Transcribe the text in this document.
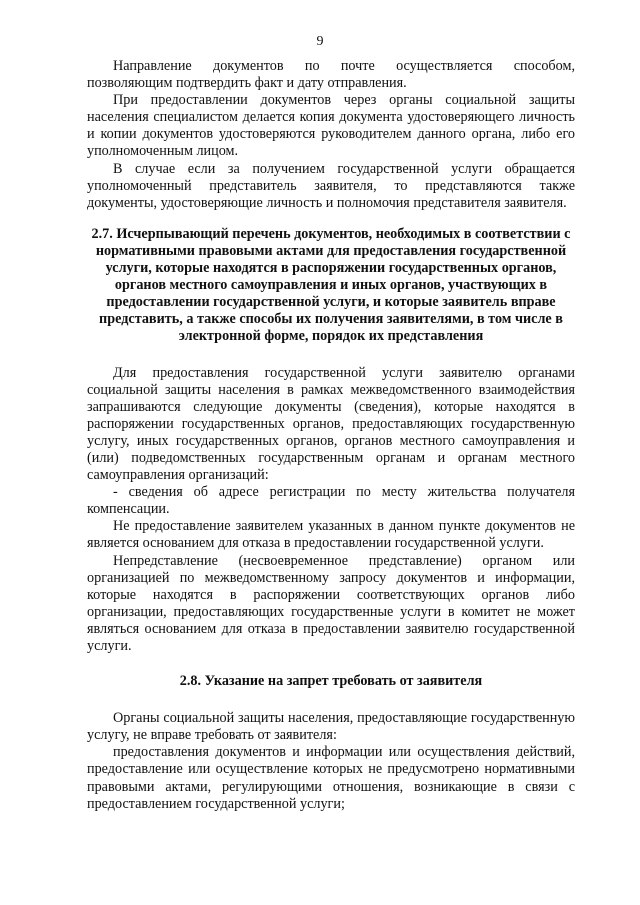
9

Направление документов по почте осуществляется способом, позволяющим подтвердить факт и дату отправления.

При предоставлении документов через органы социальной защиты населения специалистом делается копия документа удостоверяющего личность и копии документов удостоверяются руководителем данного органа, либо его уполномоченным лицом.

В случае если за получением государственной услуги обращается уполномоченный представитель заявителя, то представляются также документы, удостоверяющие личность и полномочия представителя заявителя.

2.7. Исчерпывающий перечень документов, необходимых в соответствии с нормативными правовыми актами для предоставления государственной услуги, которые находятся в распоряжении государственных органов, органов местного самоуправления и иных органов, участвующих в предоставлении государственной услуги, и которые заявитель вправе представить, а также способы их получения заявителями, в том числе в электронной форме, порядок их представления

Для предоставления государственной услуги заявителю органами социальной защиты населения в рамках межведомственного взаимодействия запрашиваются следующие документы (сведения), которые находятся в распоряжении государственных органов, предоставляющих государственную услугу, иных государственных органов, органов местного самоуправления и (или) подведомственных государственным органам и органам местного самоуправления организаций:

- сведения об адресе регистрации по месту жительства получателя компенсации.

Не предоставление заявителем указанных в данном пункте документов не является основанием для отказа в предоставлении государственной услуги.

Непредставление (несвоевременное представление) органом или организацией по межведомственному запросу документов и информации, которые находятся в распоряжении соответствующих органов либо организации, предоставляющих государственные услуги в комитет не может являться основанием для отказа в предоставлении заявителю государственной услуги.

2.8. Указание на запрет требовать от заявителя

Органы социальной защиты населения, предоставляющие государственную услугу, не вправе требовать от заявителя:

предоставления документов и информации или осуществления действий, предоставление или осуществление которых не предусмотрено нормативными правовыми актами, регулирующими отношения, возникающие в связи с предоставлением государственной услуги;
